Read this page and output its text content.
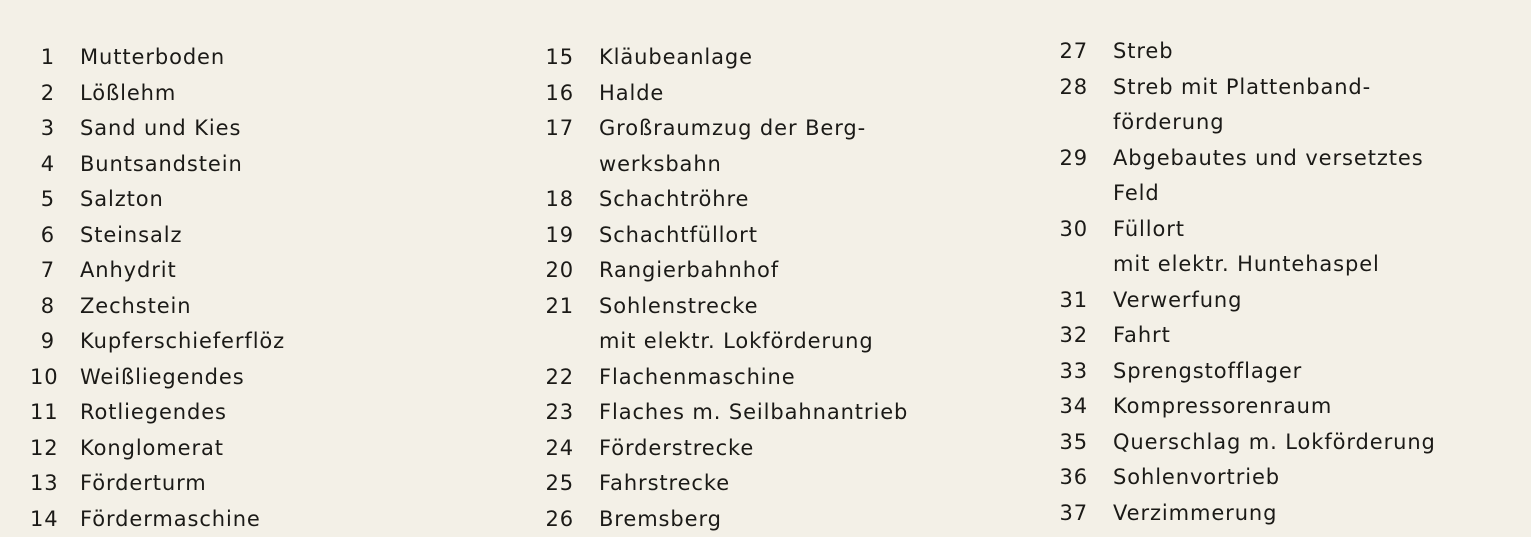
1 Mutterboden
2 Lößlehm
3 Sand und Kies
4 Buntsandstein
5 Salzton
6 Steinsalz
7 Anhydrit
8 Zechstein
9 Kupferschieferflöz
10 Weißliegendes
11 Rotliegendes
12 Konglomerat
13 Förderturm
14 Fördermaschine
15 Kläubeanlage
16 Halde
17 Großraumzug der Berg-
werksbahn
18 Schachtröhre
19 Schachtfüllort
20 Rangierbahnhof
21 Sohlenstrecke
mit elektr. Lokförderung
22 Flachenmaschine
23 Flaches m. Seilbahnantrieb
24 Förderstrecke
25 Fahrstrecke
26 Bremsberg
27 Streb
28 Streb mit Plattenband-
förderung
29 Abgebautes und versetztes
Feld
30 Füllort
mit elektr. Huntehaspel
31 Verwerfung
32 Fahrt
33 Sprengstofflager
34 Kompressorenraum
35 Querschlag m. Lokförderung
36 Sohlenvortrieb
37 Verzimmerung
